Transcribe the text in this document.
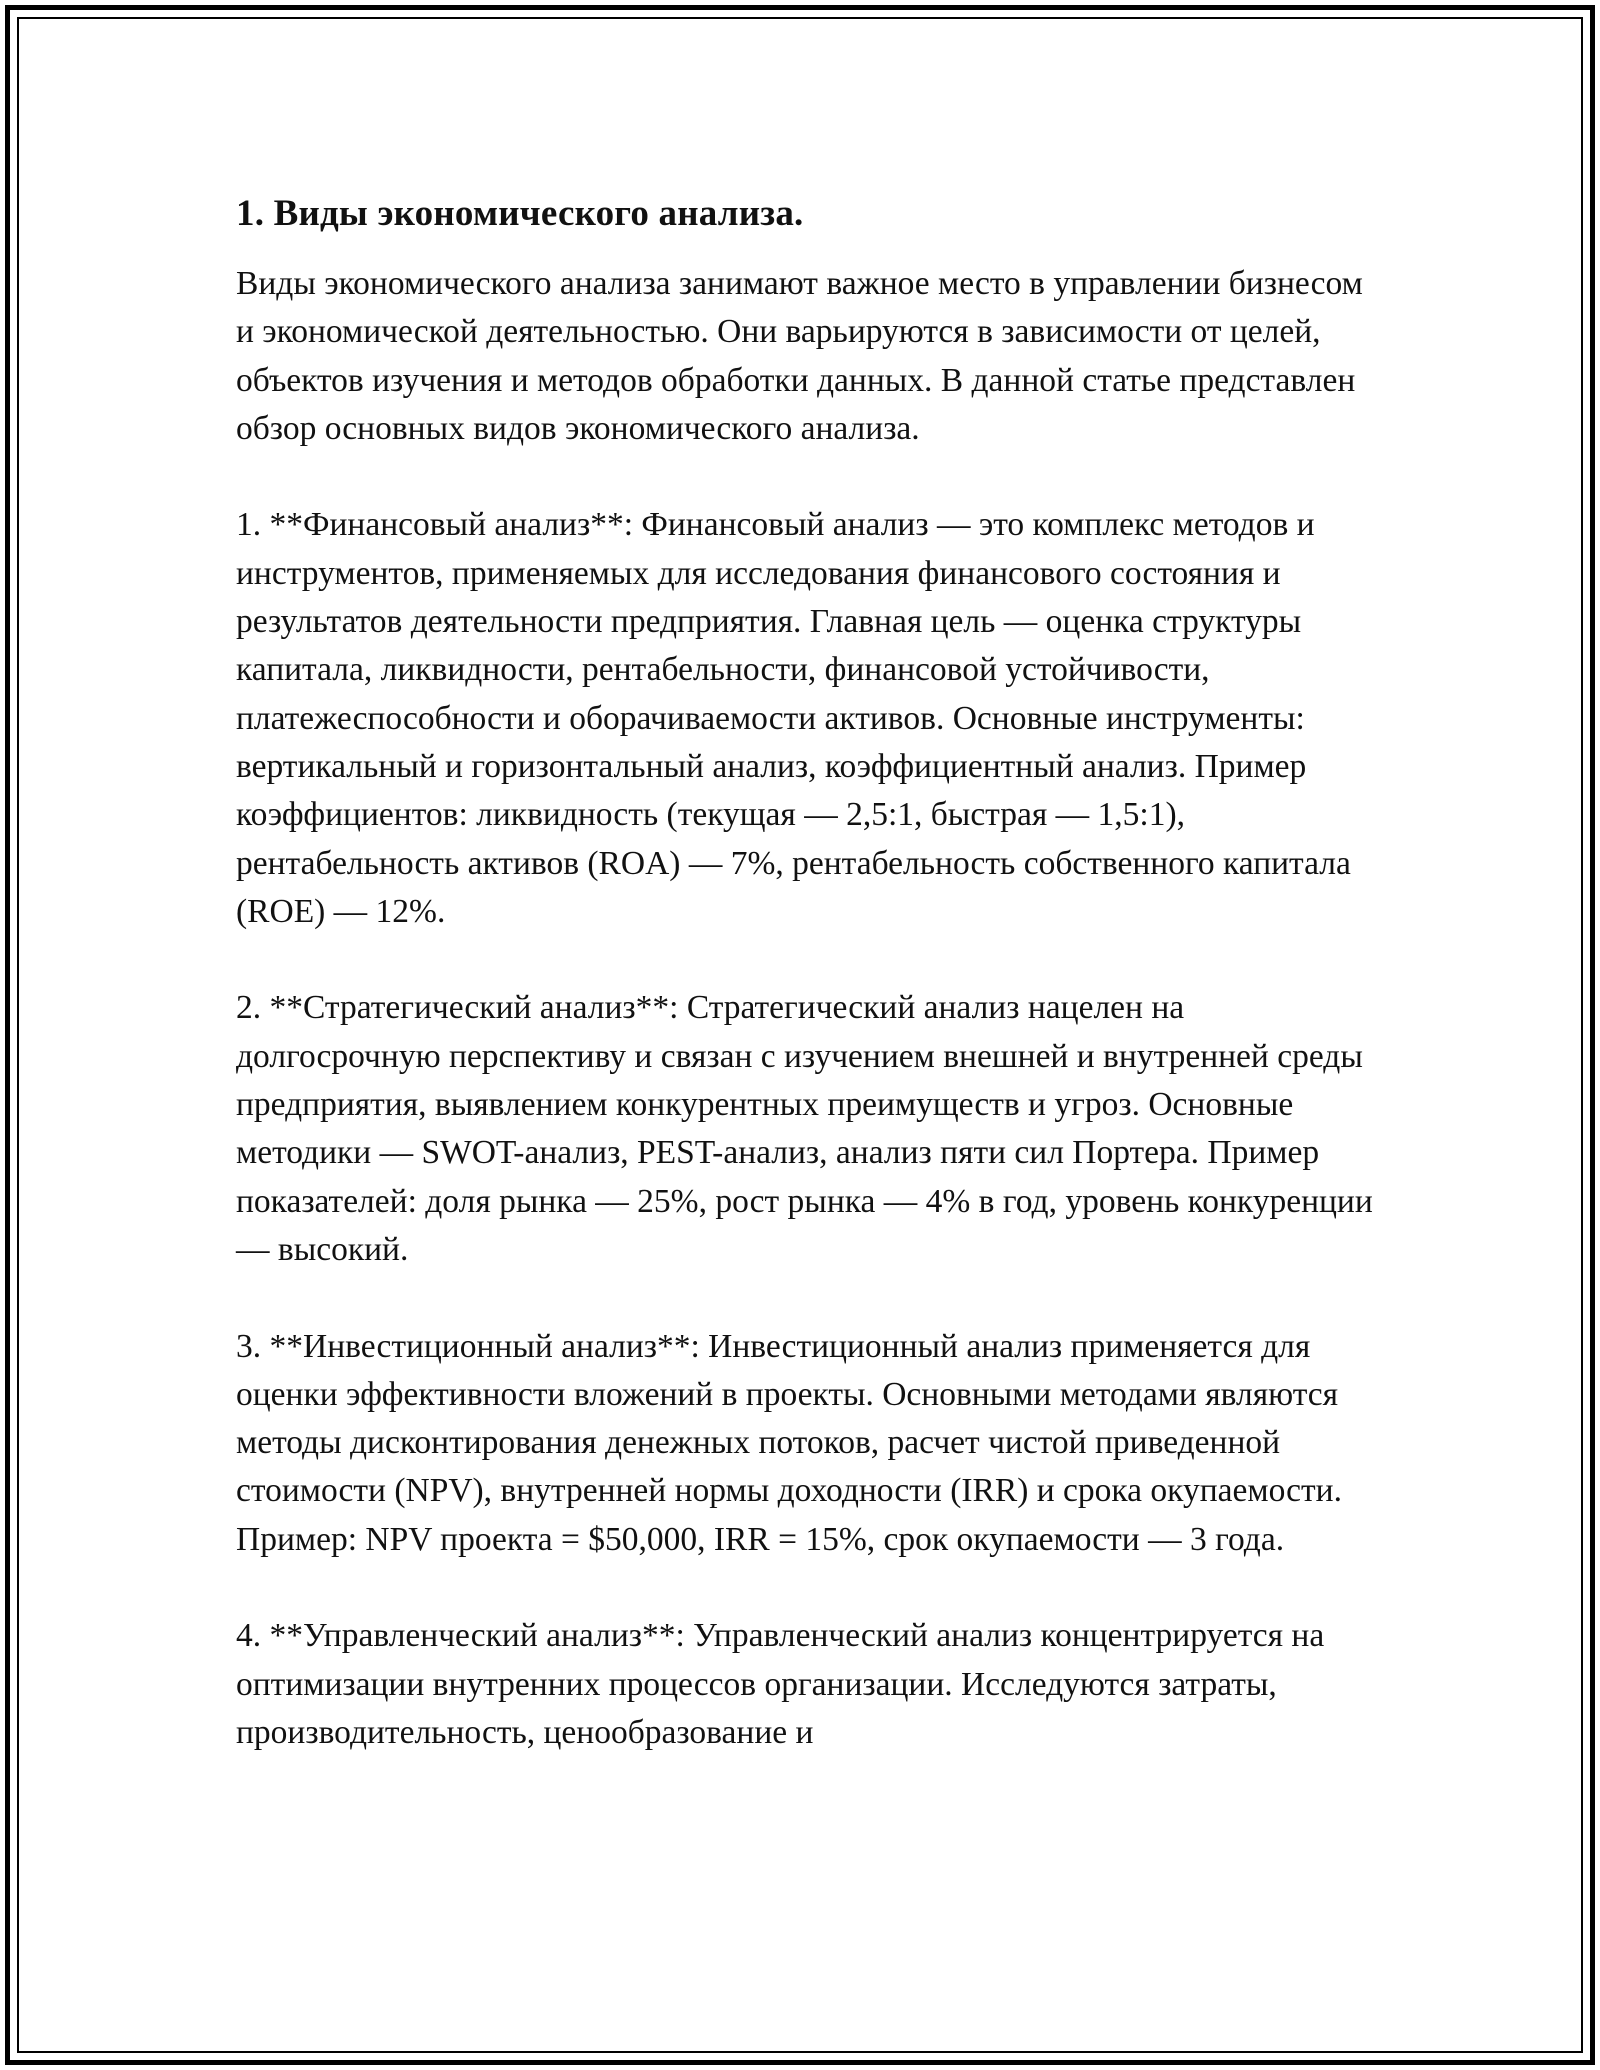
1. Виды экономического анализа.

Виды экономического анализа занимают важное место в управлении бизнесом и экономической деятельностью. Они варьируются в зависимости от целей, объектов изучения и методов обработки данных. В данной статье представлен обзор основных видов экономического анализа.

1. **Финансовый анализ**: Финансовый анализ — это комплекс методов и инструментов, применяемых для исследования финансового состояния и результатов деятельности предприятия. Главная цель — оценка структуры капитала, ликвидности, рентабельности, финансовой устойчивости, платежеспособности и оборачиваемости активов. Основные инструменты: вертикальный и горизонтальный анализ, коэффициентный анализ. Пример коэффициентов: ликвидность (текущая — 2,5:1, быстрая — 1,5:1), рентабельность активов (ROA) — 7%, рентабельность собственного капитала (ROE) — 12%.

2. **Стратегический анализ**: Стратегический анализ нацелен на долгосрочную перспективу и связан с изучением внешней и внутренней среды предприятия, выявлением конкурентных преимуществ и угроз. Основные методики — SWOT-анализ, PEST-анализ, анализ пяти сил Портера. Пример показателей: доля рынка — 25%, рост рынка — 4% в год, уровень конкуренции — высокий.

3. **Инвестиционный анализ**: Инвестиционный анализ применяется для оценки эффективности вложений в проекты. Основными методами являются методы дисконтирования денежных потоков, расчет чистой приведенной стоимости (NPV), внутренней нормы доходности (IRR) и срока окупаемости. Пример: NPV проекта = $50,000, IRR = 15%, срок окупаемости — 3 года.

4. **Управленческий анализ**: Управленческий анализ концентрируется на оптимизации внутренних процессов организации. Исследуются затраты, производительность, ценообразование и
